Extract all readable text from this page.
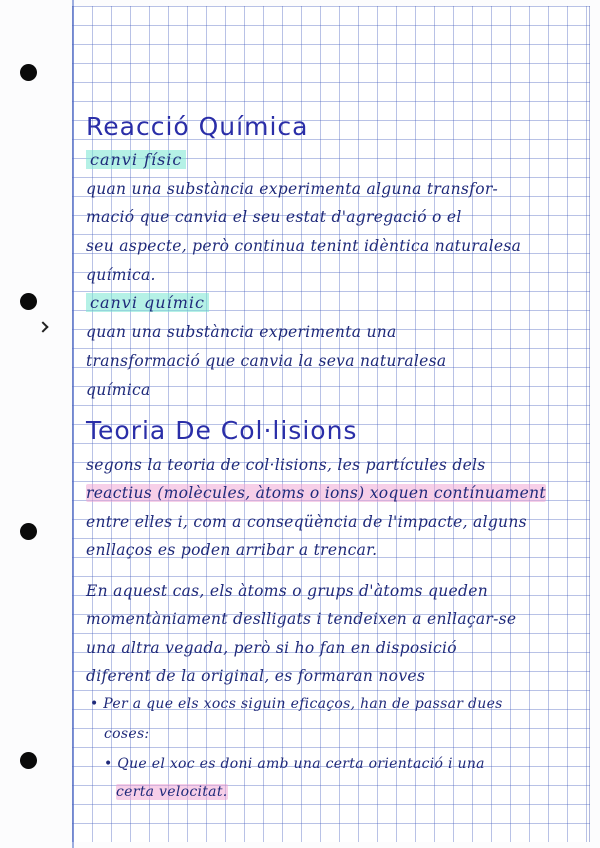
Reacció Química

canvi físic

quan una substància experimenta alguna transfor-

mació que canvia el seu estat d'agregació o el

seu aspecte, però continua tenint idèntica naturalesa

química.

canvi químic

quan una substància experimenta una

transformació que canvia la seva naturalesa

química

Teoria De Col·lisions

segons la teoria de col·lisions, les partícules dels

reactius (molècules, àtoms o ions) xoquen contínuament

entre elles i, com a conseqüència de l'impacte, alguns

enllaços es poden arribar a trencar.

En aquest cas, els àtoms o grups d'àtoms queden

momentàniament deslligats i tendeixen a enllaçar-se

una altra vegada, però si ho fan en disposició

diferent de la original, es formaran noves

• Per a que els xocs siguin eficaços, han de passar dues

coses:

• Que el xoc es doni amb una certa orientació i una

certa velocitat.
